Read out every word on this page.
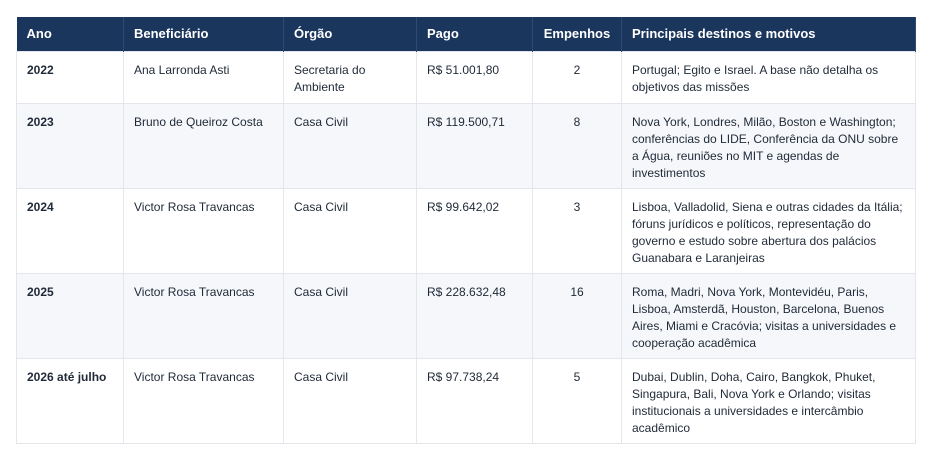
Ano	Beneficiário	Órgão	Pago	Empenhos	Principais destinos e motivos
2022	Ana Larronda Asti	Secretaria do Ambiente	R$ 51.001,80	2	Portugal; Egito e Israel. A base não detalha os objetivos das missões
2023	Bruno de Queiroz Costa	Casa Civil	R$ 119.500,71	8	Nova York, Londres, Milão, Boston e Washington; conferências do LIDE, Conferência da ONU sobre a Água, reuniões no MIT e agendas de investimentos
2024	Victor Rosa Travancas	Casa Civil	R$ 99.642,02	3	Lisboa, Valladolid, Siena e outras cidades da Itália; fóruns jurídicos e políticos, representação do governo e estudo sobre abertura dos palácios Guanabara e Laranjeiras
2025	Victor Rosa Travancas	Casa Civil	R$ 228.632,48	16	Roma, Madri, Nova York, Montevidéu, Paris, Lisboa, Amsterdã, Houston, Barcelona, Buenos Aires, Miami e Cracóvia; visitas a universidades e cooperação acadêmica
2026 até julho	Victor Rosa Travancas	Casa Civil	R$ 97.738,24	5	Dubai, Dublin, Doha, Cairo, Bangkok, Phuket, Singapura, Bali, Nova York e Orlando; visitas institucionais a universidades e intercâmbio acadêmico
